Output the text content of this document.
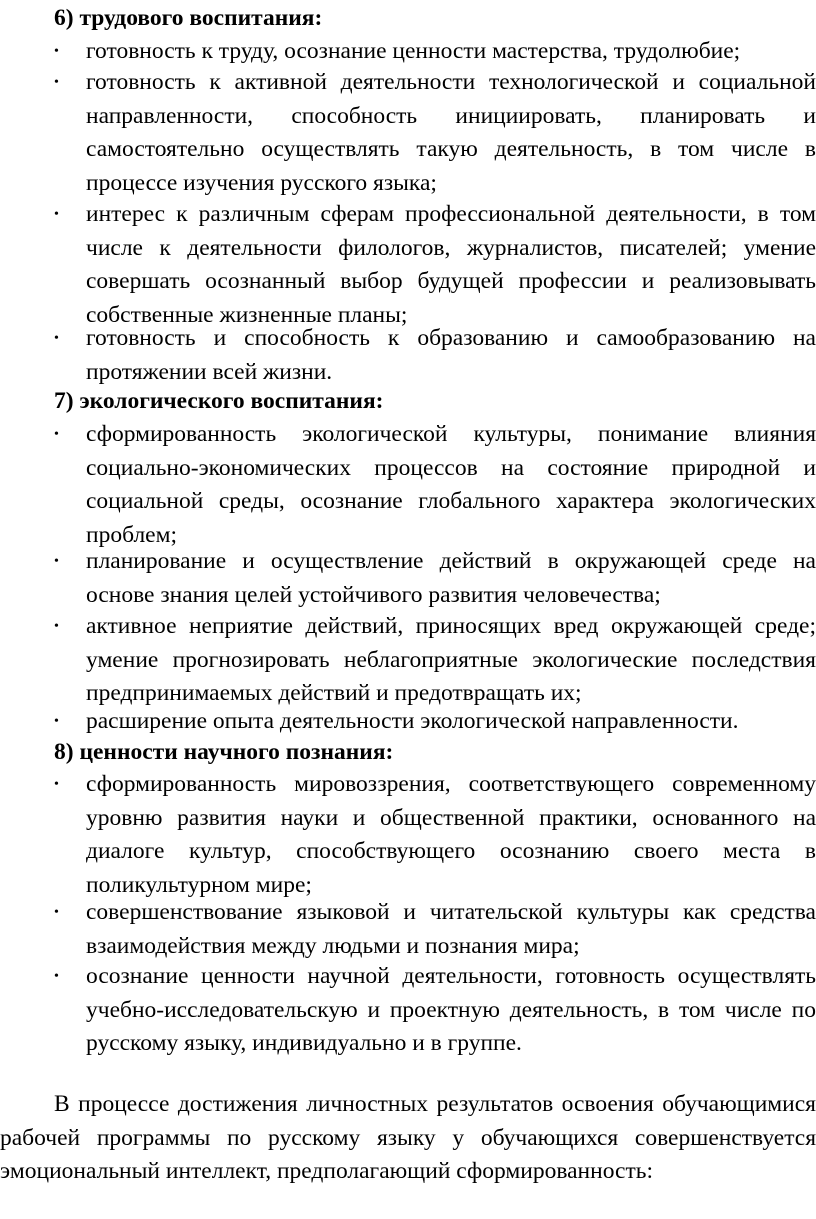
6) трудового воспитания:
• готовность к труду, осознание ценности мастерства, трудолюбие;
• готовность к активной деятельности технологической и социальной направленности, способность инициировать, планировать и самостоятельно осуществлять такую деятельность, в том числе в процессе изучения русского языка;
• интерес к различным сферам профессиональной деятельности, в том числе к деятельности филологов, журналистов, писателей; умение совершать осознанный выбор будущей профессии и реализовывать собственные жизненные планы;
• готовность и способность к образованию и самообразованию на протяжении всей жизни.
7) экологического воспитания:
• сформированность экологической культуры, понимание влияния социально-экономических процессов на состояние природной и социальной среды, осознание глобального характера экологических проблем;
• планирование и осуществление действий в окружающей среде на основе знания целей устойчивого развития человечества;
• активное неприятие действий, приносящих вред окружающей среде; умение прогнозировать неблагоприятные экологические последствия предпринимаемых действий и предотвращать их;
• расширение опыта деятельности экологической направленности.
8) ценности научного познания:
• сформированность мировоззрения, соответствующего современному уровню развития науки и общественной практики, основанного на диалоге культур, способствующего осознанию своего места в поликультурном мире;
• совершенствование языковой и читательской культуры как средства взаимодействия между людьми и познания мира;
• осознание ценности научной деятельности, готовность осуществлять учебно-исследовательскую и проектную деятельность, в том числе по русскому языку, индивидуально и в группе.
В процессе достижения личностных результатов освоения обучающимися рабочей программы по русскому языку у обучающихся совершенствуется эмоциональный интеллект, предполагающий сформированность:
